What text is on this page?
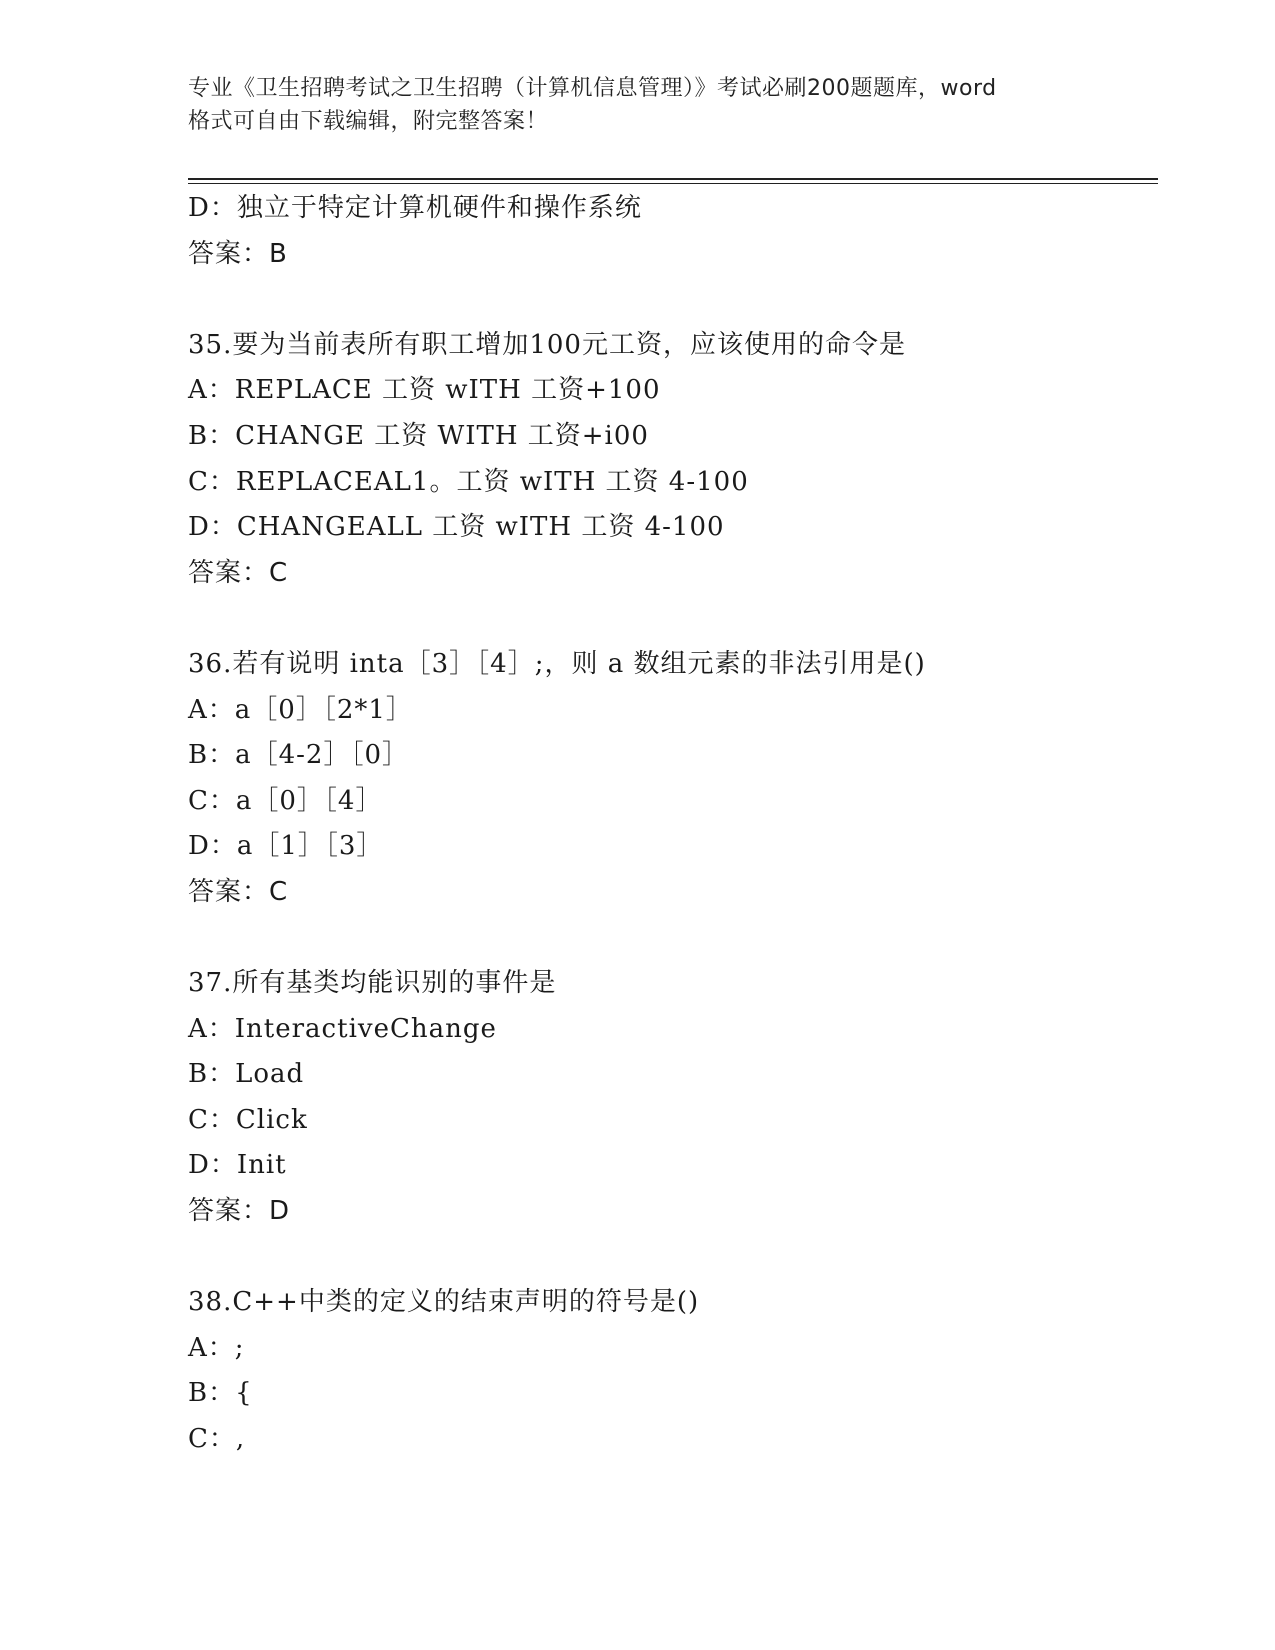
专业《卫生招聘考试之卫生招聘（计算机信息管理）》考试必刷200题题库，word
格式可自由下载编辑，附完整答案！
D：独立于特定计算机硬件和操作系统
答案：B
35.要为当前表所有职工增加100元工资，应该使用的命令是
A：REPLACE 工资 wITH 工资+100
B：CHANGE 工资 WITH 工资+i00
C：REPLACEAL1。工资 wITH 工资 4-100
D：CHANGEALL 工资 wITH 工资 4-100
答案：C
36.若有说明 inta［3］［4］;，则 a 数组元素的非法引用是()
A：a［0］［2*1］
B：a［4-2］［0］
C：a［0］［4］
D：a［1］［3］
答案：C
37.所有基类均能识别的事件是
A：InteractiveChange
B：Load
C：Click
D：Init
答案：D
38.C++中类的定义的结束声明的符号是()
A：;
B：{
C：,
